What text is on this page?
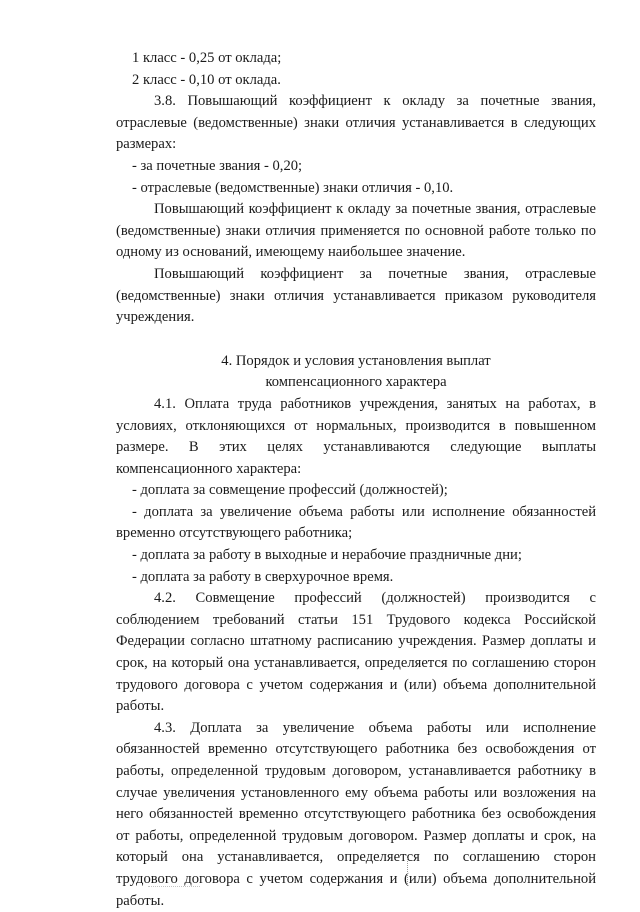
1 класс - 0,25 от оклада;
2 класс - 0,10 от оклада.

3.8. Повышающий коэффициент к окладу за почетные звания, отраслевые (ведомственные) знаки отличия устанавливается в следующих размерах:

- за почетные звания - 0,20;
- отраслевые (ведомственные) знаки отличия - 0,10.

Повышающий коэффициент к окладу за почетные звания, отраслевые (ведомственные) знаки отличия применяется по основной работе только по одному из оснований, имеющему наибольшее значение.

Повышающий коэффициент за почетные звания, отраслевые (ведомственные) знаки отличия устанавливается приказом руководителя учреждения.

4. Порядок и условия установления выплат
компенсационного характера

4.1. Оплата труда работников учреждения, занятых на работах, в условиях, отклоняющихся от нормальных, производится в повышенном размере. В этих целях устанавливаются следующие выплаты компенсационного характера:

- доплата за совмещение профессий (должностей);

- доплата за увеличение объема работы или исполнение обязанностей временно отсутствующего работника;

- доплата за работу в выходные и нерабочие праздничные дни;
- доплата за работу в сверхурочное время.

4.2. Совмещение профессий (должностей) производится с соблюдением требований статьи 151 Трудового кодекса Российской Федерации согласно штатному расписанию учреждения. Размер доплаты и срок, на который она устанавливается, определяется по соглашению сторон трудового договора с учетом содержания и (или) объема дополнительной работы.

4.3. Доплата за увеличение объема работы или исполнение обязанностей временно отсутствующего работника без освобождения от работы, определенной трудовым договором, устанавливается работнику в случае увеличения установленного ему объема работы или возложения на него обязанностей временно отсутствующего работника без освобождения от работы, определенной трудовым договором. Размер доплаты и срок, на который она устанавливается, определяется по соглашению сторон трудового договора с учетом содержания и (или) объема дополнительной работы.
